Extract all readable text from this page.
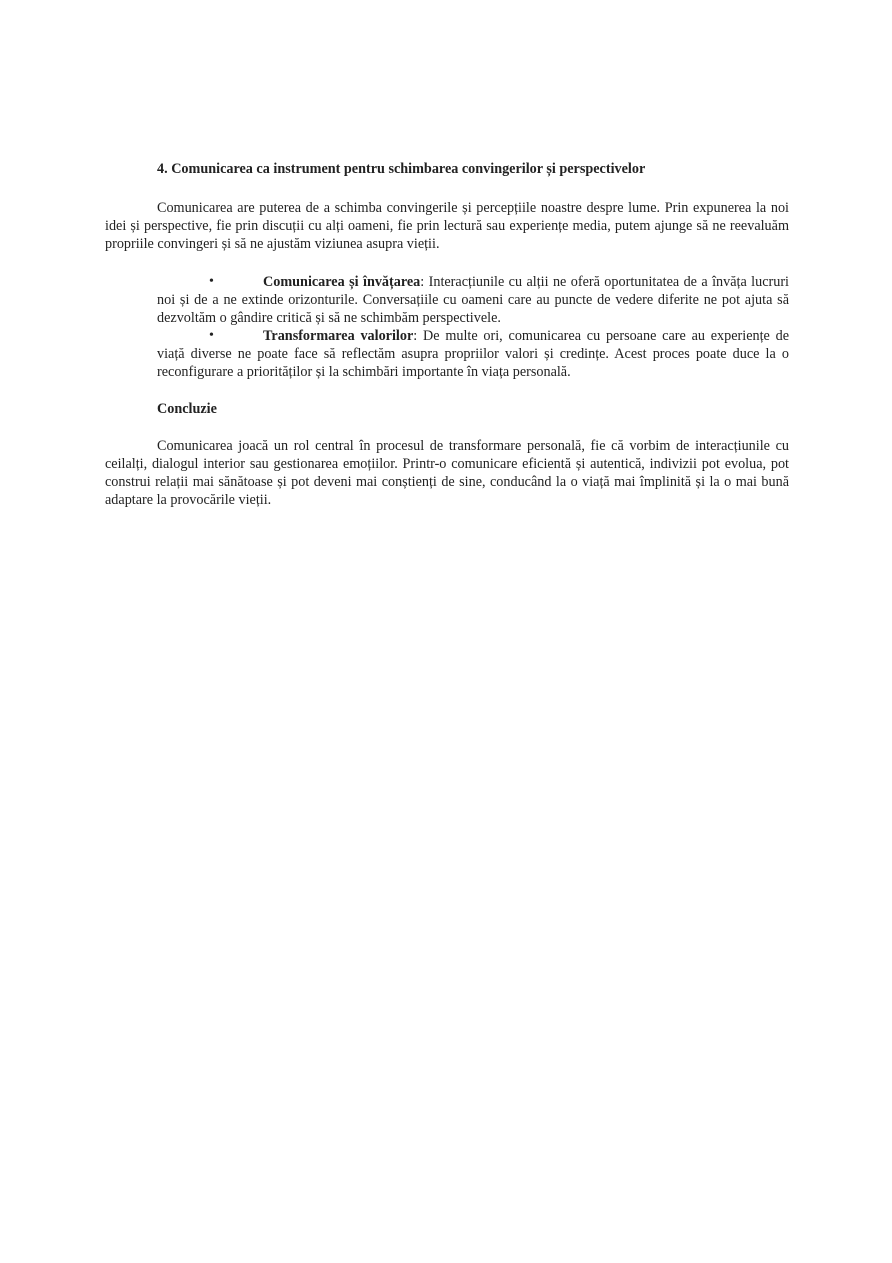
4. Comunicarea ca instrument pentru schimbarea convingerilor și perspectivelor

Comunicarea are puterea de a schimba convingerile și percepțiile noastre despre lume. Prin expunerea la noi idei și perspective, fie prin discuții cu alți oameni, fie prin lectură sau experiențe media, putem ajunge să ne reevaluăm propriile convingeri și să ne ajustăm viziunea asupra vieții.

•	Comunicarea și învățarea: Interacțiunile cu alții ne oferă oportunitatea de a învăța lucruri noi și de a ne extinde orizonturile. Conversațiile cu oameni care au puncte de vedere diferite ne pot ajuta să dezvoltăm o gândire critică și să ne schimbăm perspectivele.
•	Transformarea valorilor: De multe ori, comunicarea cu persoane care au experiențe de viață diverse ne poate face să reflectăm asupra propriilor valori și credințe. Acest proces poate duce la o reconfigurare a priorităților și la schimbări importante în viața personală.

Concluzie

Comunicarea joacă un rol central în procesul de transformare personală, fie că vorbim de interacțiunile cu ceilalți, dialogul interior sau gestionarea emoțiilor. Printr-o comunicare eficientă și autentică, indivizii pot evolua, pot construi relații mai sănătoase și pot deveni mai conștienți de sine, conducând la o viață mai împlinită și la o mai bună adaptare la provocările vieții.
